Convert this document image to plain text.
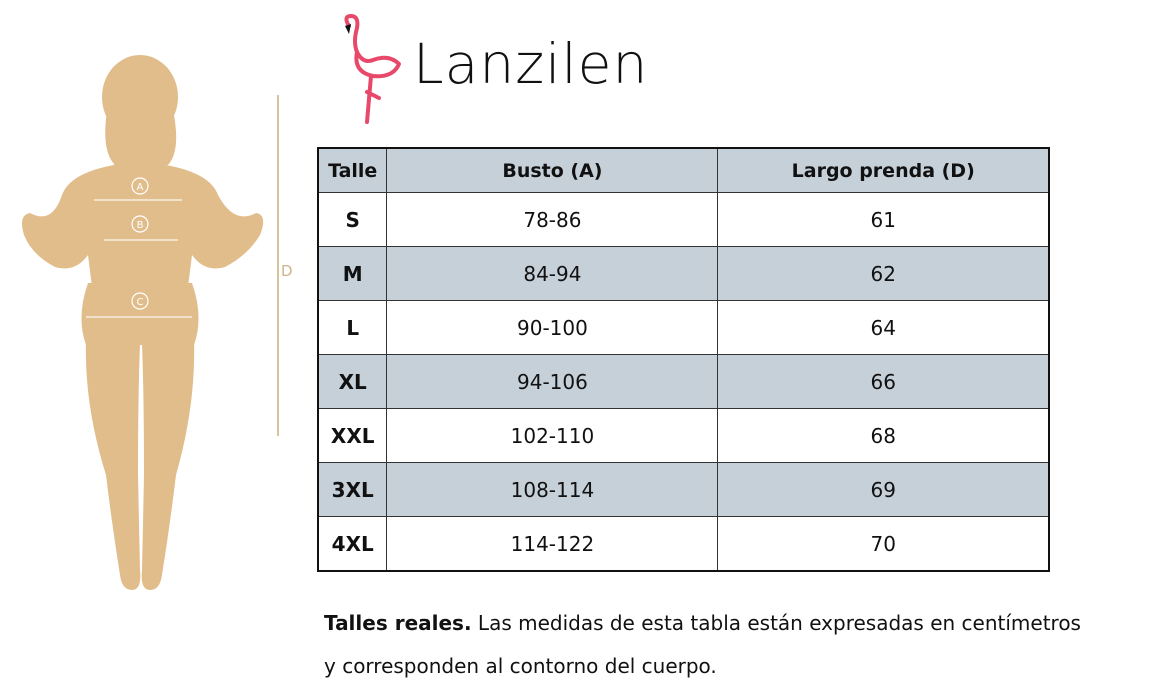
A
B
C
D
Lanzilen
Talle	Busto (A)	Largo prenda (D)
S	78-86	61
M	84-94	62
L	90-100	64
XL	94-106	66
XXL	102-110	68
3XL	108-114	69
4XL	114-122	70
Talles reales. Las medidas de esta tabla están expresadas en centímetros y corresponden al contorno del cuerpo.
